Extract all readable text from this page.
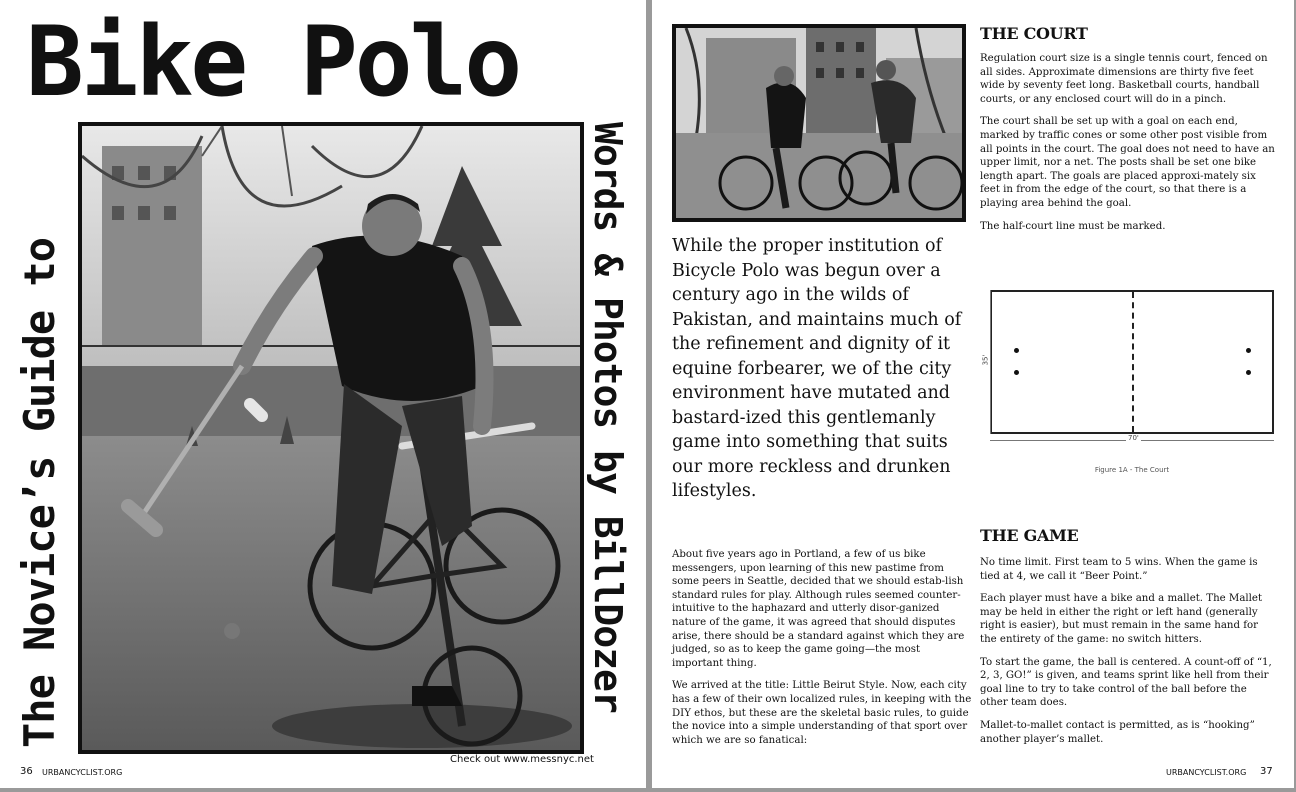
Bike Polo
The Novice’s Guide to	Words & Photos by BillDozer
Check out www.messnyc.net
36 URBANCYCLIST.ORG
While the proper institution of Bicycle Polo was begun over a century ago in the wilds of Pakistan, and maintains much of the refinement and dignity of it equine forbearer, we of the city environment have mutated and bastard-ized this gentlemanly game into something that suits our more reckless and drunken lifestyles.

About five years ago in Portland, a few of us bike messengers, upon learning of this new pastime from some peers in Seattle, decided that we should estab-lish standard rules for play. Although rules seemed counter-intuitive to the haphazard and utterly disor-ganized nature of the game, it was agreed that should disputes arise, there should be a standard against which they are judged, so as to keep the game going—the most important thing.

We arrived at the title: Little Beirut Style. Now, each city has a few of their own localized rules, in keeping with the DIY ethos, but these are the skeletal basic rules, to guide the novice into a simple understanding of that sport over which we are so fanatical:

THE COURT

Regulation court size is a single tennis court, fenced on all sides. Approximate dimensions are thirty five feet wide by seventy feet long. Basketball courts, handball courts, or any enclosed court will do in a pinch.

The court shall be set up with a goal on each end, marked by traffic cones or some other post visible from all points in the court. The goal does not need to have an upper limit, nor a net. The posts shall be set one bike length apart. The goals are placed approxi-mately six feet in from the edge of the court, so that there is a playing area behind the goal.

The half-court line must be marked.

35'
70'
Figure 1A - The Court
THE GAME

No time limit. First team to 5 wins. When the game is tied at 4, we call it “Beer Point.”

Each player must have a bike and a mallet. The Mallet may be held in either the right or left hand (generally right is easier), but must remain in the same hand for the entirety of the game: no switch hitters.

To start the game, the ball is centered. A count-off of “1, 2, 3, GO!” is given, and teams sprint like hell from their goal line to try to take control of the ball before the other team does.

Mallet-to-mallet contact is permitted, as is “hooking” another player’s mallet.

URBANCYCLIST.ORG 37
